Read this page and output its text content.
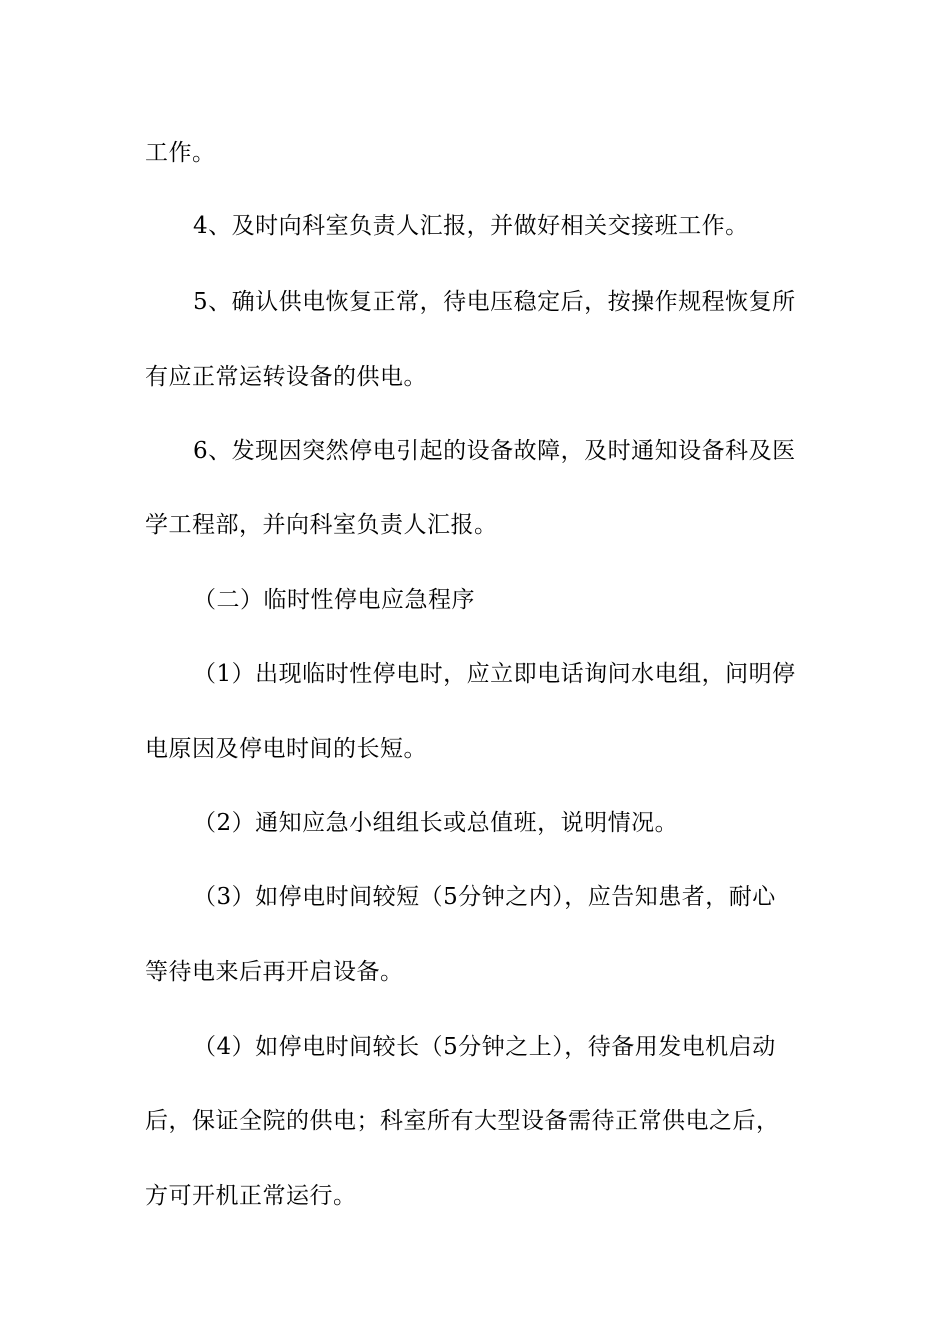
工作。
4、及时向科室负责人汇报，并做好相关交接班工作。
5、确认供电恢复正常，待电压稳定后，按操作规程恢复所
有应正常运转设备的供电。
6、发现因突然停电引起的设备故障，及时通知设备科及医
学工程部，并向科室负责人汇报。
（二）临时性停电应急程序
（1）出现临时性停电时，应立即电话询问水电组，问明停
电原因及停电时间的长短。
（2）通知应急小组组长或总值班，说明情况。
（3）如停电时间较短（5分钟之内），应告知患者，耐心
等待电来后再开启设备。
（4）如停电时间较长（5分钟之上），待备用发电机启动
后，保证全院的供电；科室所有大型设备需待正常供电之后，
方可开机正常运行。
